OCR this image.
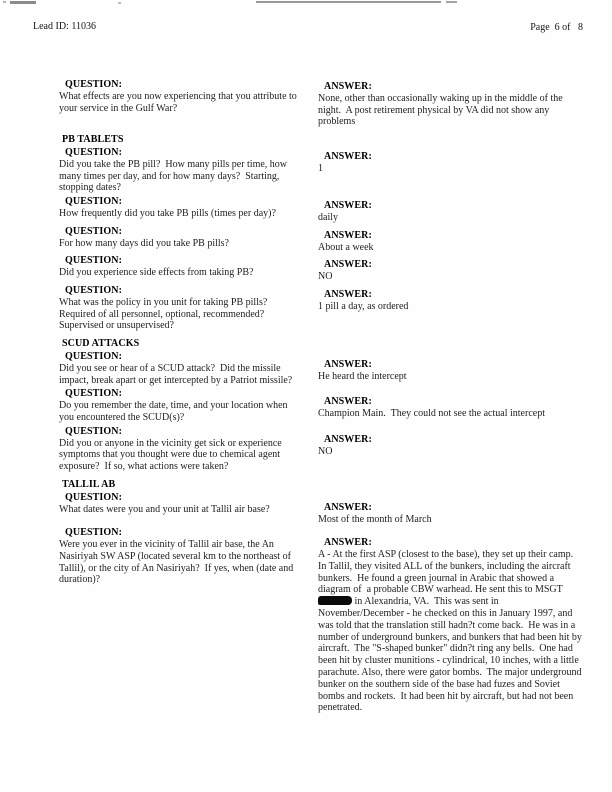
Lead ID: 11036	Page  6 of   8
QUESTION:
What effects are you now experiencing that you attribute to your service in the Gulf War?
ANSWER:
None, other than occasionally waking up in the middle of the night.  A post retirement physical by VA did not show any problems
PB TABLETS
QUESTION:
Did you take the PB pill?  How many pills per time, how many times per day, and for how many days?  Starting, stopping dates?
ANSWER:
1
QUESTION:
How frequently did you take PB pills (times per day)?
ANSWER:
daily
QUESTION:
For how many days did you take PB pills?
ANSWER:
About a week
QUESTION:
Did you experience side effects from taking PB?
ANSWER:
NO
QUESTION:
What was the policy in you unit for taking PB pills? Required of all personnel, optional, recommended? Supervised or unsupervised?
ANSWER:
1 pill a day, as ordered
SCUD ATTACKS
QUESTION:
Did you see or hear of a SCUD attack?  Did the missile impact, break apart or get intercepted by a Patriot missile?
ANSWER:
He heard the intercept
QUESTION:
Do you remember the date, time, and your location when you encountered the SCUD(s)?
ANSWER:
Champion Main.  They could not see the actual intercept
QUESTION:
Did you or anyone in the vicinity get sick or experience symptoms that you thought were due to chemical agent exposure?  If so, what actions were taken?
ANSWER:
NO
TALLIL AB
QUESTION:
What dates were you and your unit at Tallil air base?	ANSWER:
Most of the month of March
QUESTION:
Were you ever in the vicinity of Tallil air base, the An Nasiriyah SW ASP (located several km to the northeast of Tallil), or the city of An Nasiriyah?  If yes, when (date and duration)?
ANSWER:
A - At the first ASP (closest to the base), they set up their camp.  In Tallil, they visited ALL of the bunkers, including the aircraft bunkers.  He found a green journal in Arabic that showed a diagram of  a probable CBW warhead. He sent this to MSGT  in Alexandria, VA.  This was sent in November/December - he checked on this in January 1997, and was told that the translation still hadn?t come back.  He was in a number of underground bunkers, and bunkers that had been hit by aircraft.  The "S-shaped bunker" didn?t ring any bells.  One had been hit by cluster munitions - cylindrical, 10 inches, with a little parachute. Also, there were gator bombs.  The major underground bunker on the southern side of the base had fuzes and Soviet bombs and rockets.  It had been hit by aircraft, but had not been penetrated.
